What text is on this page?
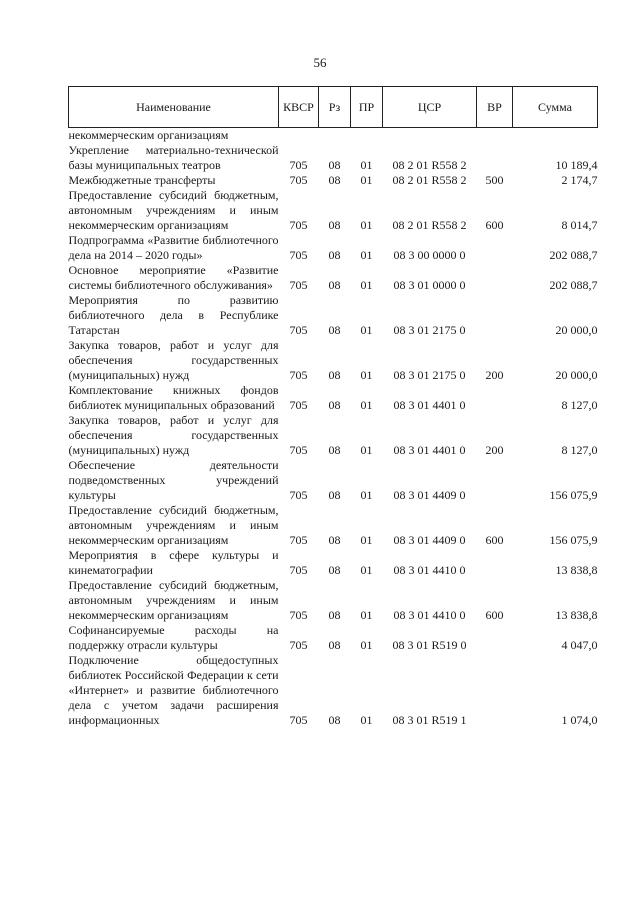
56
Наименование	КВСР	Рз	ПР	ЦСР	ВР	Сумма

некоммерческим организациям						

Укрепление материально-технической базы муниципальных театров	705	08	01	08 2 01 R558 2		10 189,4

Межбюджетные трансферты	705	08	01	08 2 01 R558 2	500	2 174,7

Предоставление субсидий бюджетным, автономным учреждениям и иным некоммерческим организациям	705	08	01	08 2 01 R558 2	600	8 014,7

Подпрограмма «Развитие библиотечного дела на 2014 – 2020 годы»	705	08	01	08 3 00 0000 0		202 088,7

Основное мероприятие «Развитие системы библиотечного обслуживания»	705	08	01	08 3 01 0000 0		202 088,7

Мероприятия по развитию библиотечного дела в Республике Татарстан	705	08	01	08 3 01 2175 0		20 000,0

Закупка товаров, работ и услуг для обеспечения государственных (муниципальных) нужд	705	08	01	08 3 01 2175 0	200	20 000,0

Комплектование книжных фондов библиотек муниципальных образований	705	08	01	08 3 01 4401 0		8 127,0

Закупка товаров, работ и услуг для обеспечения государственных (муниципальных) нужд	705	08	01	08 3 01 4401 0	200	8 127,0

Обеспечение деятельности подведомственных учреждений культуры	705	08	01	08 3 01 4409 0		156 075,9

Предоставление субсидий бюджетным, автономным учреждениям и иным некоммерческим организациям	705	08	01	08 3 01 4409 0	600	156 075,9

Мероприятия в сфере культуры и кинематографии	705	08	01	08 3 01 4410 0		13 838,8

Предоставление субсидий бюджетным, автономным учреждениям и иным некоммерческим организациям	705	08	01	08 3 01 4410 0	600	13 838,8

Софинансируемые расходы на поддержку отрасли культуры	705	08	01	08 3 01 R519 0		4 047,0

Подключение общедоступных библиотек Российской Федерации к сети «Интернет» и развитие библиотечного дела с учетом задачи расширения информационных	705	08	01	08 3 01 R519 1		1 074,0
